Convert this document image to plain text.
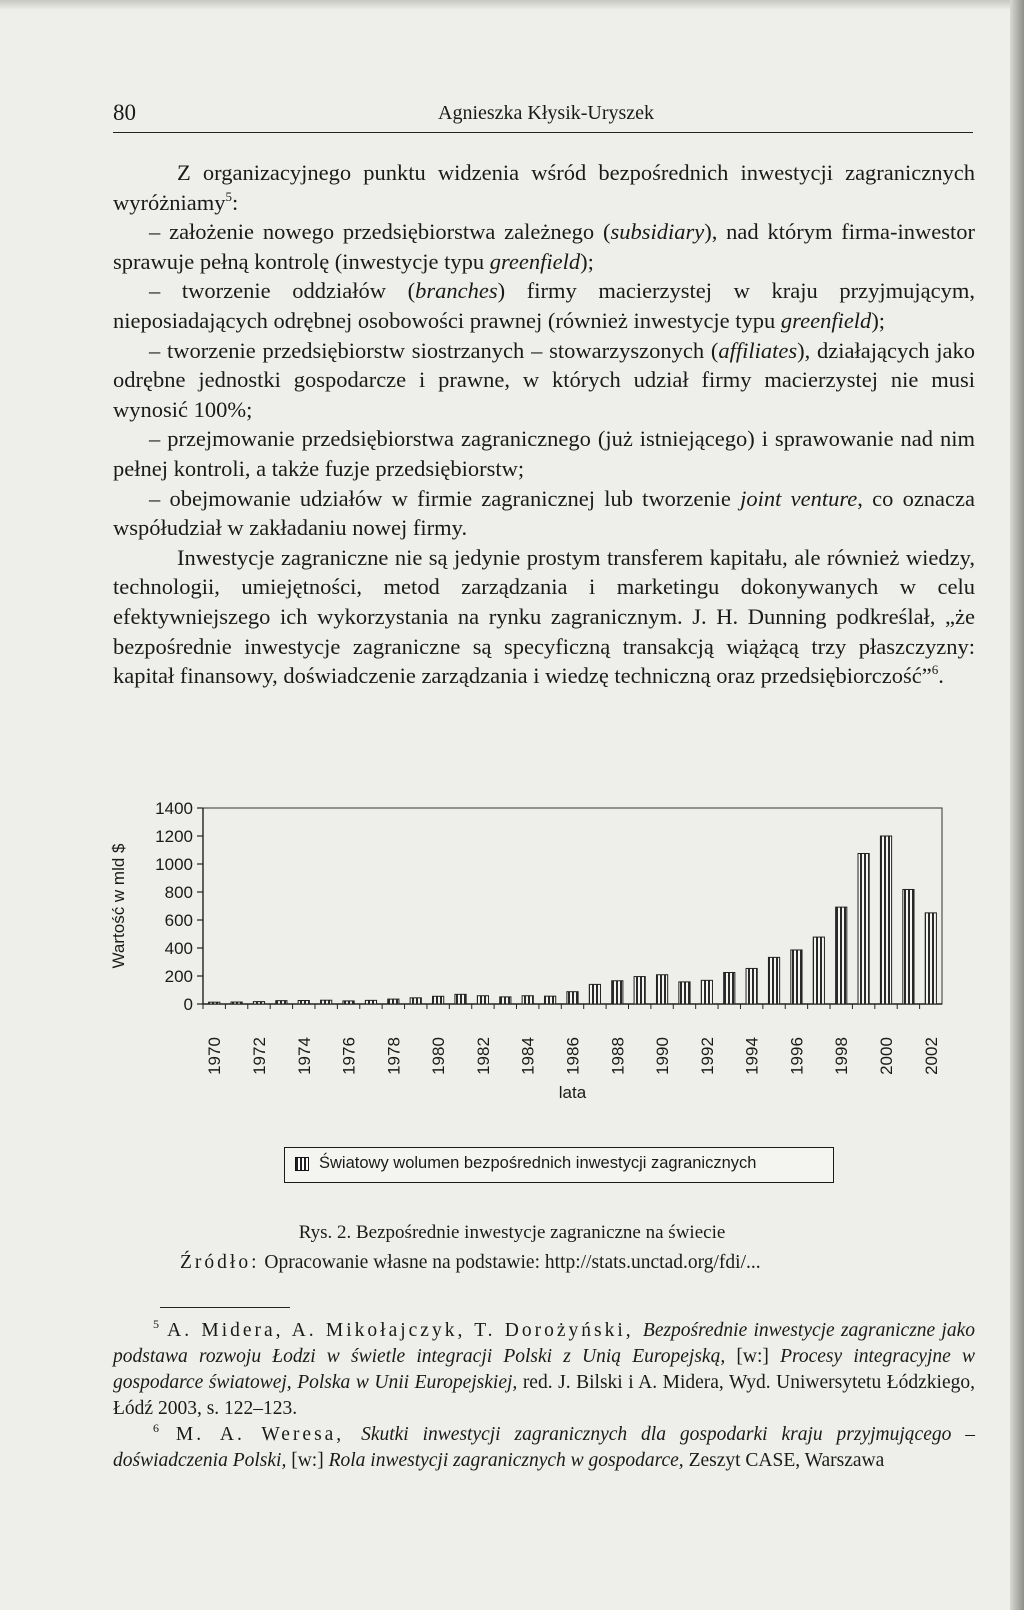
80	Agnieszka Kłysik-Uryszek

Z organizacyjnego punktu widzenia wśród bezpośrednich inwestycji zagranicznych wyróżniamy$^5$:

– założenie nowego przedsiębiorstwa zależnego (subsidiary), nad którym firma-inwestor sprawuje pełną kontrolę (inwestycje typu greenfield);

– tworzenie oddziałów (branches) firmy macierzystej w kraju przyjmującym, nieposiadających odrębnej osobowości prawnej (również inwestycje typu greenfield);

– tworzenie przedsiębiorstw siostrzanych – stowarzyszonych (affiliates), działających jako odrębne jednostki gospodarcze i prawne, w których udział firmy macierzystej nie musi wynosić 100%;

– przejmowanie przedsiębiorstwa zagranicznego (już istniejącego) i sprawowanie nad nim pełnej kontroli, a także fuzje przedsiębiorstw;

– obejmowanie udziałów w firmie zagranicznej lub tworzenie joint venture, co oznacza współudział w zakładaniu nowej firmy.

Inwestycje zagraniczne nie są jedynie prostym transferem kapitału, ale również wiedzy, technologii, umiejętności, metod zarządzania i marketingu dokonywanych w celu efektywniejszego ich wykorzystania na rynku zagranicznym. J. H. Dunning podkreślał, „że bezpośrednie inwestycje zagraniczne są specyficzną transakcją wiążącą trzy płaszczyzny: kapitał finansowy, doświadczenie zarządzania i wiedzę techniczną oraz przedsiębiorczość”$^6$.

0
200
400
600
800
1000
1200
1400
Wartość w mld $
1970 1972 1974 1976 1978 1980 1982 1984 1986 1988 1990 1992 1994 1996 1998 2000 2002
lata
Światowy wolumen bezpośrednich inwestycji zagranicznych
Rys. 2. Bezpośrednie inwestycje zagraniczne na świecie
Źródło: Opracowanie własne na podstawie: http://stats.unctad.org/fdi/...

$^5$ A. Midera, A. Mikołajczyk, T. Dorożyński, Bezpośrednie inwestycje zagraniczne jako podstawa rozwoju Łodzi w świetle integracji Polski z Unią Europejską, [w:] Procesy integracyjne w gospodarce światowej, Polska w Unii Europejskiej, red. J. Bilski i A. Midera, Wyd. Uniwersytetu Łódzkiego, Łódź 2003, s. 122–123.

$^6$ M. A. Weresa, Skutki inwestycji zagranicznych dla gospodarki kraju przyjmującego – doświadczenia Polski, [w:] Rola inwestycji zagranicznych w gospodarce, Zeszyt CASE, Warszawa
